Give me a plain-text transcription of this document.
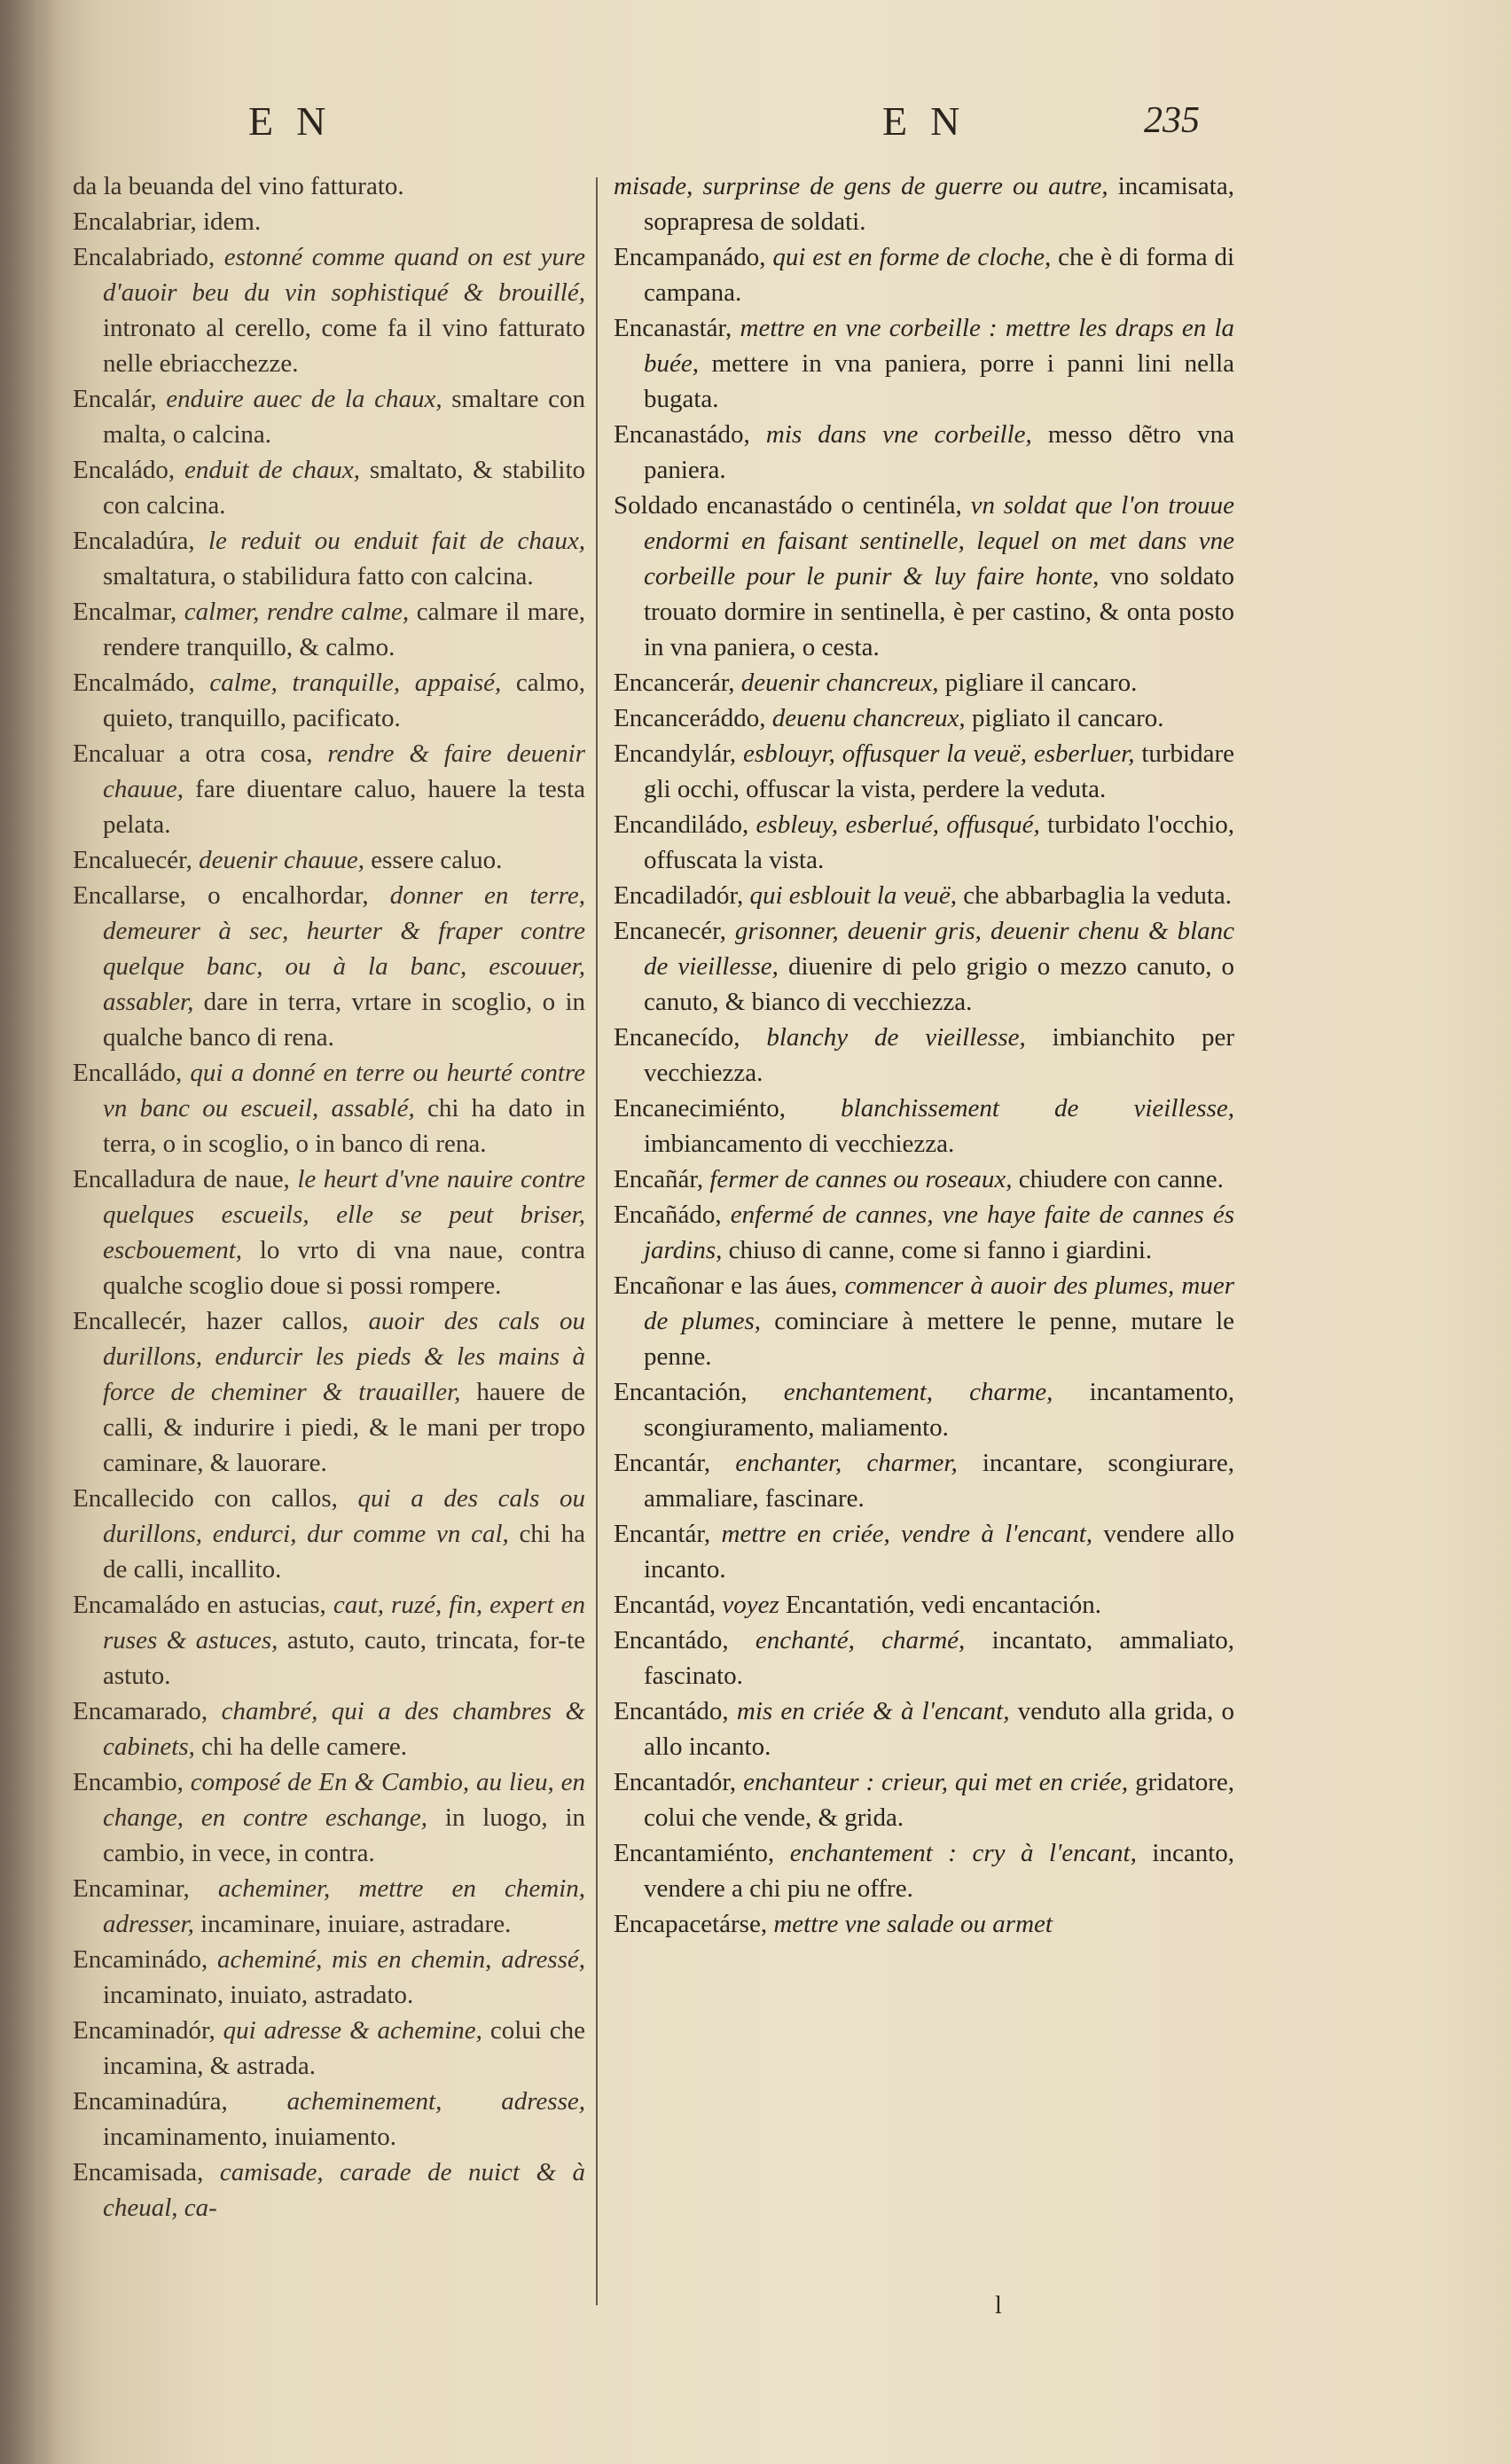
EN	EN	235
da la beuanda del vino fatturato.
Encalabriar, idem.
Encalabriado, estonné comme quand on est yure d'auoir beu du vin sophistiqué & brouillé, intronato al cerello, come fa il vino fatturato nelle ebriacchezze.
Encalár, enduire auec de la chaux, smaltare con malta, o calcina.
Encaládo, enduit de chaux, smaltato, & stabilito con calcina.
Encaladúra, le reduit ou enduit fait de chaux, smaltatura, o stabilidura fatto con calcina.
Encalmar, calmer, rendre calme, calmare il mare, rendere tranquillo, & calmo.
Encalmádo, calme, tranquille, appaisé, calmo, quieto, tranquillo, pacificato.
Encaluar a otra cosa, rendre & faire deuenir chauue, fare diuentare caluo, hauere la testa pelata.
Encaluecér, deuenir chauue, essere caluo.
Encallarse, o encalhordar, donner en terre, demeurer à sec, heurter & fraper contre quelque banc, ou à la banc, escouuer, assabler, dare in terra, vrtare in scoglio, o in qualche banco di rena.
Encalládo, qui a donné en terre ou heurté contre vn banc ou escueil, assablé, chi ha dato in terra, o in scoglio, o in banco di rena.
Encalladura de naue, le heurt d'vne nauire contre quelques escueils, elle se peut briser, escbouement, lo vrto di vna naue, contra qualche scoglio doue si possi rompere.
Encallecér, hazer callos, auoir des cals ou durillons, endurcir les pieds & les mains à force de cheminer & trauailler, hauere de calli, & indurire i piedi, & le mani per tropo caminare, & lauorare.
Encallecido con callos, qui a des cals ou durillons, endurci, dur comme vn cal, chi ha de calli, incallito.
Encamaládo en astucias, caut, ruzé, fin, expert en ruses & astuces, astuto, cauto, trincata, for-te astuto.
Encamarado, chambré, qui a des chambres & cabinets, chi ha delle camere.
Encambio, composé de En & Cambio, au lieu, en change, en contre eschange, in luogo, in cambio, in vece, in contra.
Encaminar, acheminer, mettre en chemin, adresser, incaminare, inuiare, astradare.
Encaminádo, acheminé, mis en chemin, adressé, incaminato, inuiato, astradato.
Encaminadór, qui adresse & achemine, colui che incamina, & astrada.
Encaminadúra, acheminement, adresse, incaminamento, inuiamento.
Encamisada, camisade, carade de nuict & à cheual, ca-
misade, surprinse de gens de guerre ou autre, incamisata, soprapresa de soldati.
Encampanádo, qui est en forme de cloche, che è di forma di campana.
Encanastár, mettre en vne corbeille : mettre les draps en la buée, mettere in vna paniera, porre i panni lini nella bugata.
Encanastádo, mis dans vne corbeille, messo dẽtro vna paniera.
Soldado encanastádo o centinéla, vn soldat que l'on trouue endormi en faisant sentinelle, lequel on met dans vne corbeille pour le punir & luy faire honte, vno soldato trouato dormire in sentinella, è per castino, & onta posto in vna paniera, o cesta.
Encancerár, deuenir chancreux, pigliare il cancaro.
Encanceráddo, deuenu chancreux, pigliato il cancaro.
Encandylár, esblouyr, offusquer la veuë, esberluer, turbidare gli occhi, offuscar la vista, perdere la veduta.
Encandiládo, esbleuy, esberlué, offusqué, turbidato l'occhio, offuscata la vista.
Encadiladór, qui esblouit la veuë, che abbarbaglia la veduta.
Encanecér, grisonner, deuenir gris, deuenir chenu & blanc de vieillesse, diuenire di pelo grigio o mezzo canuto, o canuto, & bianco di vecchiezza.
Encanecído, blanchy de vieillesse, imbianchito per vecchiezza.
Encanecimiénto, blanchissement de vieillesse, imbiancamento di vecchiezza.
Encañár, fermer de cannes ou roseaux, chiudere con canne.
Encañádo, enfermé de cannes, vne haye faite de cannes és jardins, chiuso di canne, come si fanno i giardini.
Encañonar e las áues, commencer à auoir des plumes, muer de plumes, cominciare à mettere le penne, mutare le penne.
Encantación, enchantement, charme, incantamento, scongiuramento, maliamento.
Encantár, enchanter, charmer, incantare, scongiurare, ammaliare, fascinare.
Encantár, mettre en criée, vendre à l'encant, vendere allo incanto.
Encantád, voyez Encantatión, vedi encantación.
Encantádo, enchanté, charmé, incantato, ammaliato, fascinato.
Encantádo, mis en criée & à l'encant, venduto alla grida, o allo incanto.
Encantadór, enchanteur : crieur, qui met en criée, gridatore, colui che vende, & grida.
Encantamiénto, enchantement : cry à l'encant, incanto, vendere a chi piu ne offre.
Encapacetárse, mettre vne salade ou armet
l
